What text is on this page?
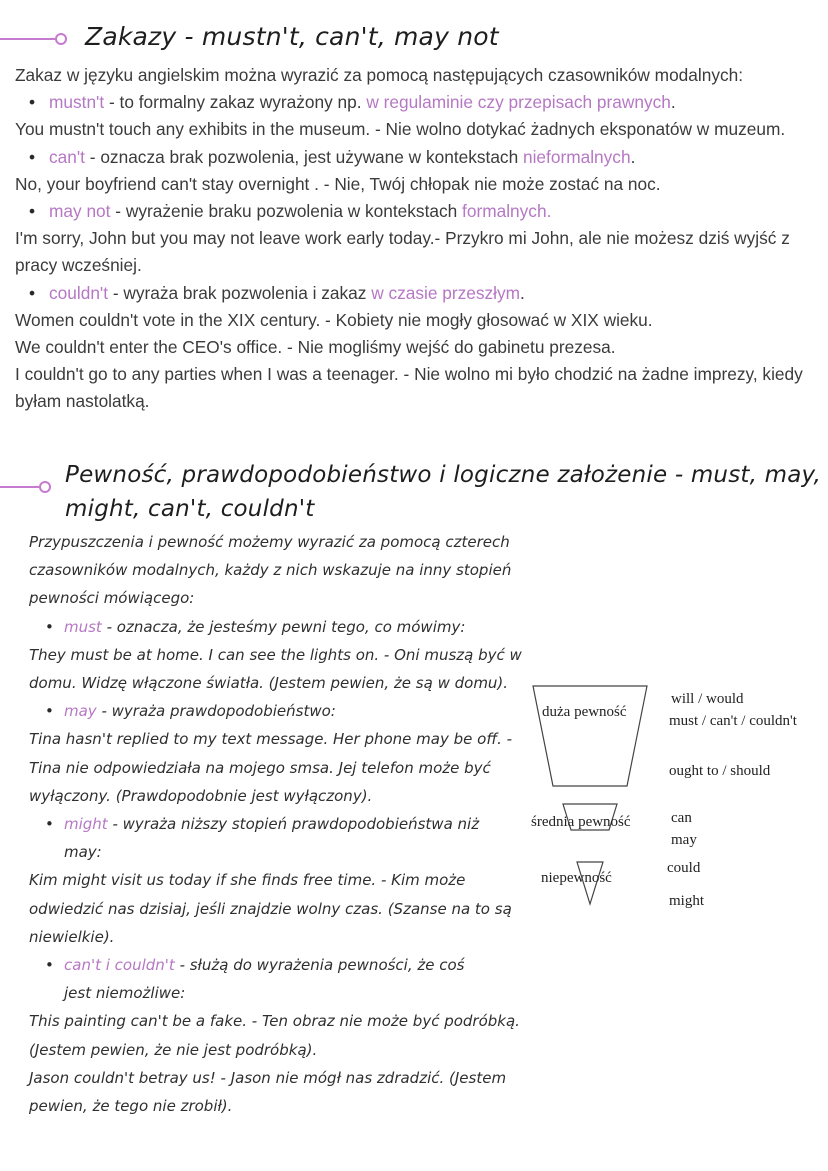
Zakazy - mustn't, can't, may not

Zakaz w języku angielskim można wyrazić za pomocą następujących czasowników modalnych:

• mustn't - to formalny zakaz wyrażony np. w regulaminie czy przepisach prawnych.

You mustn't touch any exhibits in the museum. - Nie wolno dotykać żadnych eksponatów w muzeum.

• can't - oznacza brak pozwolenia, jest używane w kontekstach nieformalnych.

No, your boyfriend can't stay overnight . - Nie, Twój chłopak nie może zostać na noc.

• may not - wyrażenie braku pozwolenia w kontekstach formalnych.

I'm sorry, John but you may not leave work early today.- Przykro mi John, ale nie możesz dziś wyjść z pracy wcześniej.

• couldn't - wyraża brak pozwolenia i zakaz w czasie przeszłym.

Women couldn't vote in the XIX century. - Kobiety nie mogły głosować w XIX wieku.

We couldn't enter the CEO's office. - Nie mogliśmy wejść do gabinetu prezesa.

I couldn't go to any parties when I was a teenager. - Nie wolno mi było chodzić na żadne imprezy, kiedy byłam nastolatką.

Pewność, prawdopodobieństwo i logiczne założenie - must, may,
might, can't, couldn't

Przypuszczenia i pewność możemy wyrazić za pomocą czterech czasowników modalnych, każdy z nich wskazuje na inny stopień pewności mówiącego:

• must - oznacza, że jesteśmy pewni tego, co mówimy:

They must be at home. I can see the lights on. - Oni muszą być w domu. Widzę włączone światła. (Jestem pewien, że są w domu).

• may - wyraża prawdopodobieństwo:

Tina hasn't replied to my text message. Her phone may be off. - Tina nie odpowiedziała na mojego smsa. Jej telefon może być wyłączony. (Prawdopodobnie jest wyłączony).

• might - wyraża niższy stopień prawdopodobieństwa niż

may:

Kim might visit us today if she finds free time. - Kim może odwiedzić nas dzisiaj, jeśli znajdzie wolny czas. (Szanse na to są niewielkie).

• can't i couldn't - służą do wyrażenia pewności, że coś

jest niemożliwe:

This painting can't be a fake. - Ten obraz nie może być podróbką. (Jestem pewien, że nie jest podróbką).

Jason couldn't betray us! - Jason nie mógł nas zdradzić. (Jestem pewien, że tego nie zrobił).

duża pewność
średnia pewność
niepewność
will / would
must / can't / couldn't
ought to / should
can
may
could
might
